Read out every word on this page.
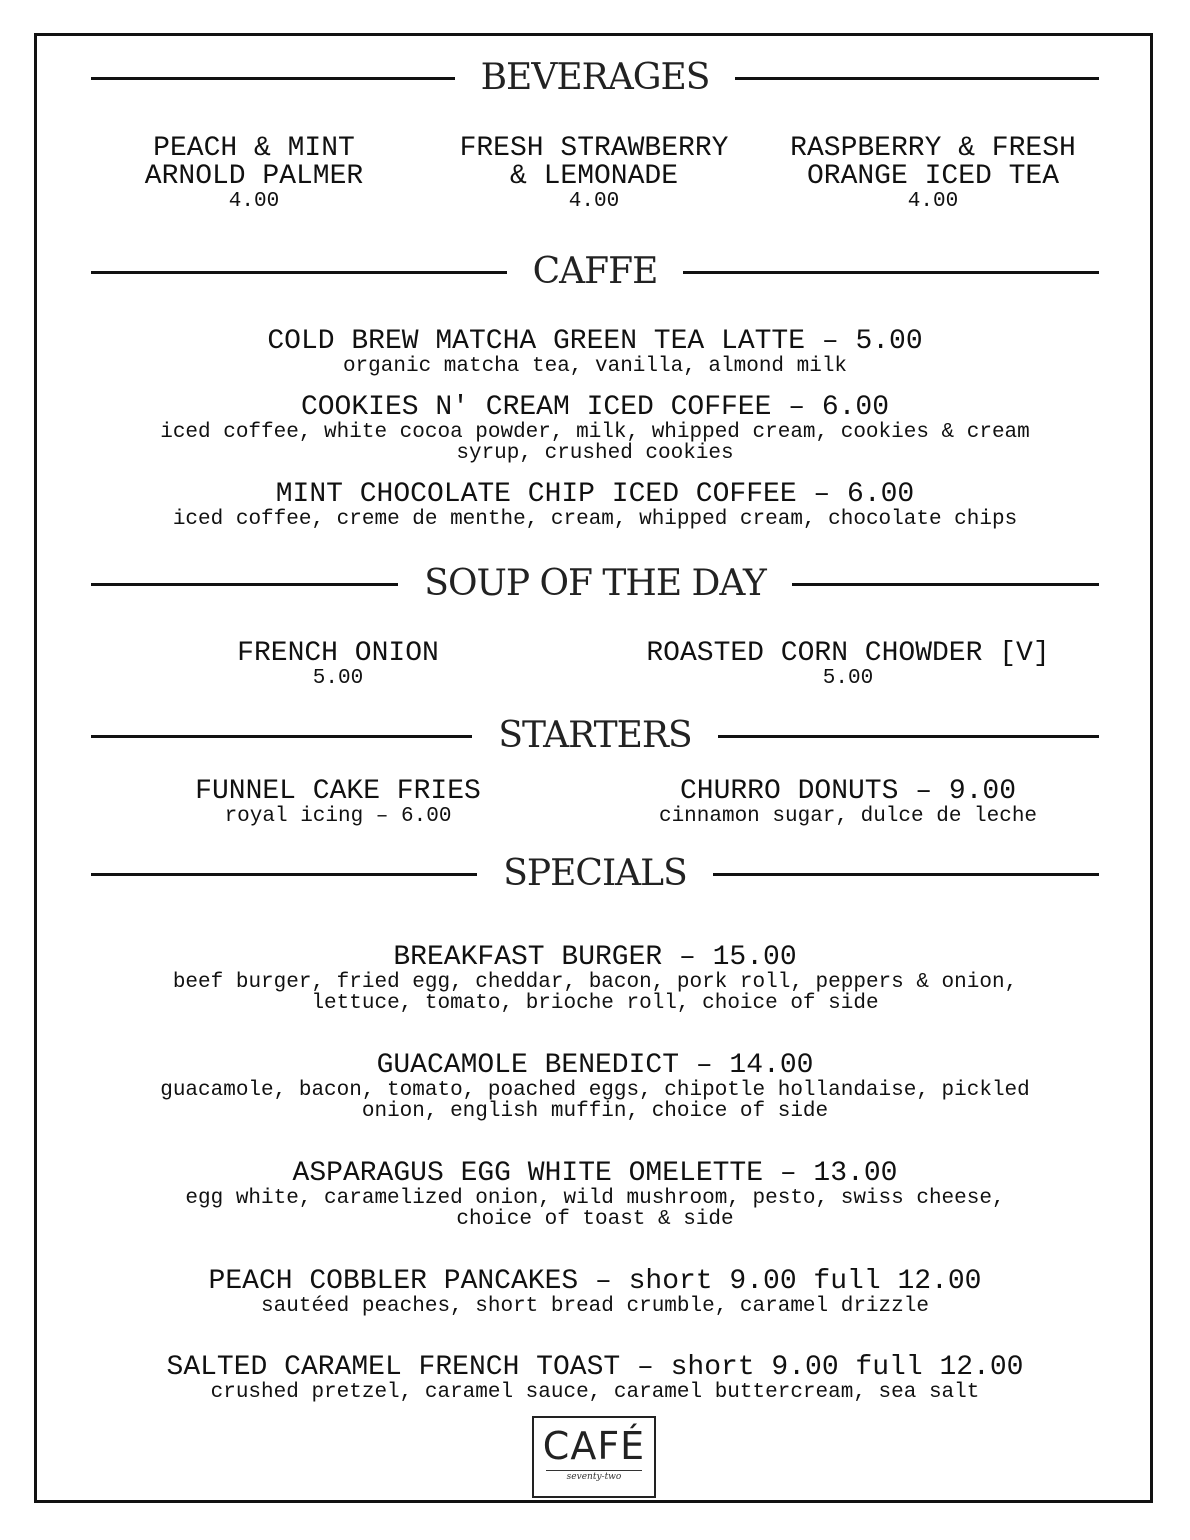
BEVERAGES
PEACH & MINT
ARNOLD PALMER
4.00
FRESH STRAWBERRY
& LEMONADE
4.00
RASPBERRY & FRESH
ORANGE ICED TEA
4.00
CAFFE
COLD BREW MATCHA GREEN TEA LATTE – 5.00
organic matcha tea, vanilla, almond milk
COOKIES N' CREAM ICED COFFEE – 6.00
iced coffee, white cocoa powder, milk, whipped cream, cookies & cream
syrup, crushed cookies
MINT CHOCOLATE CHIP ICED COFFEE – 6.00
iced coffee, creme de menthe, cream, whipped cream, chocolate chips
SOUP OF THE DAY
FRENCH ONION
5.00
ROASTED CORN CHOWDER [V]
5.00
STARTERS
FUNNEL CAKE FRIES
royal icing – 6.00
CHURRO DONUTS – 9.00
cinnamon sugar, dulce de leche
SPECIALS
BREAKFAST BURGER – 15.00
beef burger, fried egg, cheddar, bacon, pork roll, peppers & onion,
lettuce, tomato, brioche roll, choice of side
GUACAMOLE BENEDICT – 14.00
guacamole, bacon, tomato, poached eggs, chipotle hollandaise, pickled
onion, english muffin, choice of side
ASPARAGUS EGG WHITE OMELETTE – 13.00
egg white, caramelized onion, wild mushroom, pesto, swiss cheese,
choice of toast & side
PEACH COBBLER PANCAKES – short 9.00 full 12.00
sautéed peaches, short bread crumble, caramel drizzle
SALTED CARAMEL FRENCH TOAST – short 9.00 full 12.00
crushed pretzel, caramel sauce, caramel buttercream, sea salt
CAFÉ
seventy-two
